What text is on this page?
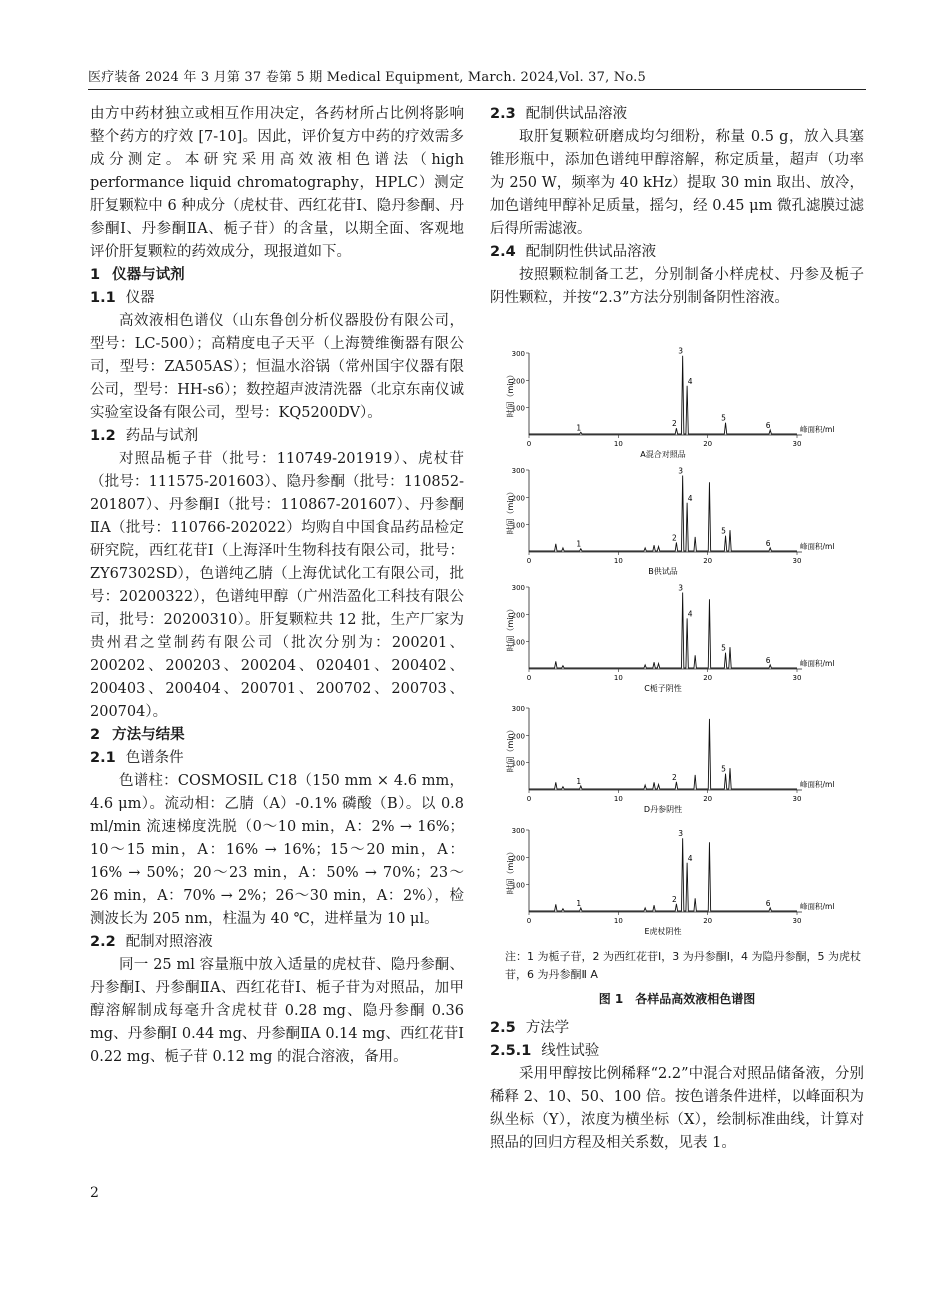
医疗装备 2024 年 3 月第 37 卷第 5 期 Medical Equipment, March. 2024,Vol. 37, No.5

由方中药材独立或相互作用决定，各药材所占比例将影响整个药方的疗效 [7-10]。因此，评价复方中药的疗效需多成分测定。本研究采用高效液相色谱法（high performance liquid chromatography，HPLC）测定肝复颗粒中 6 种成分（虎杖苷、西红花苷Ⅰ、隐丹参酮、丹参酮Ⅰ、丹参酮ⅡA、栀子苷）的含量，以期全面、客观地评价肝复颗粒的药效成分，现报道如下。

1 仪器与试剂
1.1 仪器

高效液相色谱仪（山东鲁创分析仪器股份有限公司，型号：LC-500）；高精度电子天平（上海赞维衡器有限公司，型号：ZA505AS）；恒温水浴锅（常州国宇仪器有限公司，型号：HH-s6）；数控超声波清洗器（北京东南仪诚实验室设备有限公司，型号：KQ5200DV）。

1.2 药品与试剂

对照品栀子苷（批号：110749-201919）、虎杖苷（批号：111575-201603）、隐丹参酮（批号：110852-201807）、丹参酮Ⅰ（批号：110867-201607）、丹参酮ⅡA（批号：110766-202022）均购自中国食品药品检定研究院，西红花苷Ⅰ（上海泽叶生物科技有限公司，批号：ZY67302SD），色谱纯乙腈（上海优试化工有限公司，批号：20200322），色谱纯甲醇（广州浩盈化工科技有限公司，批号：20200310）。肝复颗粒共 12 批，生产厂家为贵州君之堂制药有限公司（批次分别为：200201、200202、200203、200204、020401、200402、200403、200404、200701、200702、200703、200704）。

2 方法与结果
2.1 色谱条件

色谱柱：COSMOSIL C18（150 mm × 4.6 mm，4.6 μm）。流动相：乙腈（A）-0.1% 磷酸（B）。以 0.8 ml/min 流速梯度洗脱（0～10 min，A：2% → 16%；10～15 min，A：16% → 16%；15～20 min，A：16% → 50%；20～23 min，A：50% → 70%；23～26 min，A：70% → 2%；26～30 min，A：2%），检测波长为 205 nm，柱温为 40 ℃，进样量为 10 μl。

2.2 配制对照溶液

同一 25 ml 容量瓶中放入适量的虎杖苷、隐丹参酮、丹参酮Ⅰ、丹参酮ⅡA、西红花苷Ⅰ、栀子苷为对照品，加甲醇溶解制成每毫升含虎杖苷 0.28 mg、隐丹参酮 0.36 mg、丹参酮Ⅰ 0.44 mg、丹参酮ⅡA 0.14 mg、西红花苷Ⅰ 0.22 mg、栀子苷 0.12 mg 的混合溶液，备用。

2.3 配制供试品溶液

取肝复颗粒研磨成均匀细粉，称量 0.5 g，放入具塞锥形瓶中，添加色谱纯甲醇溶解，称定质量，超声（功率为 250 W，频率为 40 kHz）提取 30 min 取出、放冷，加色谱纯甲醇补足质量，摇匀，经 0.45 μm 微孔滤膜过滤后得所需滤液。

2.4 配制阴性供试品溶液

按照颗粒制备工艺，分别制备小样虎杖、丹参及栀子阴性颗粒，并按“2.3”方法分别制备阴性溶液。

时间（min）
300
200
100
0	10	20	30
峰面积/ml
1	2
3
4
5
6
A混合对照品
时间（min）
300
200
100
0	10	20	30
峰面积/ml
1
2
3
4
5
6
B供试品
时间（min）
300
200
100
0	10	20	30
峰面积/ml
3
4
5
6
C栀子阴性
时间（min）
300
200
100
0	10	20	30
峰面积/ml
1	2
5
D丹参阴性
时间（min）
300
200
100
0	10	20	30
峰面积/ml
1	2
3
4
6
E虎杖阴性
注：1 为栀子苷，2 为西红花苷Ⅰ，3 为丹参酮Ⅰ，4 为隐丹参酮，5 为虎杖苷，6 为丹参酮Ⅱ A
图 1　各样品高效液相色谱图
2.5 方法学
2.5.1 线性试验

采用甲醇按比例稀释“2.2”中混合对照品储备液，分别稀释 2、10、50、100 倍。按色谱条件进样，以峰面积为纵坐标（Y），浓度为横坐标（X），绘制标准曲线，计算对照品的回归方程及相关系数，见表 1。

2
